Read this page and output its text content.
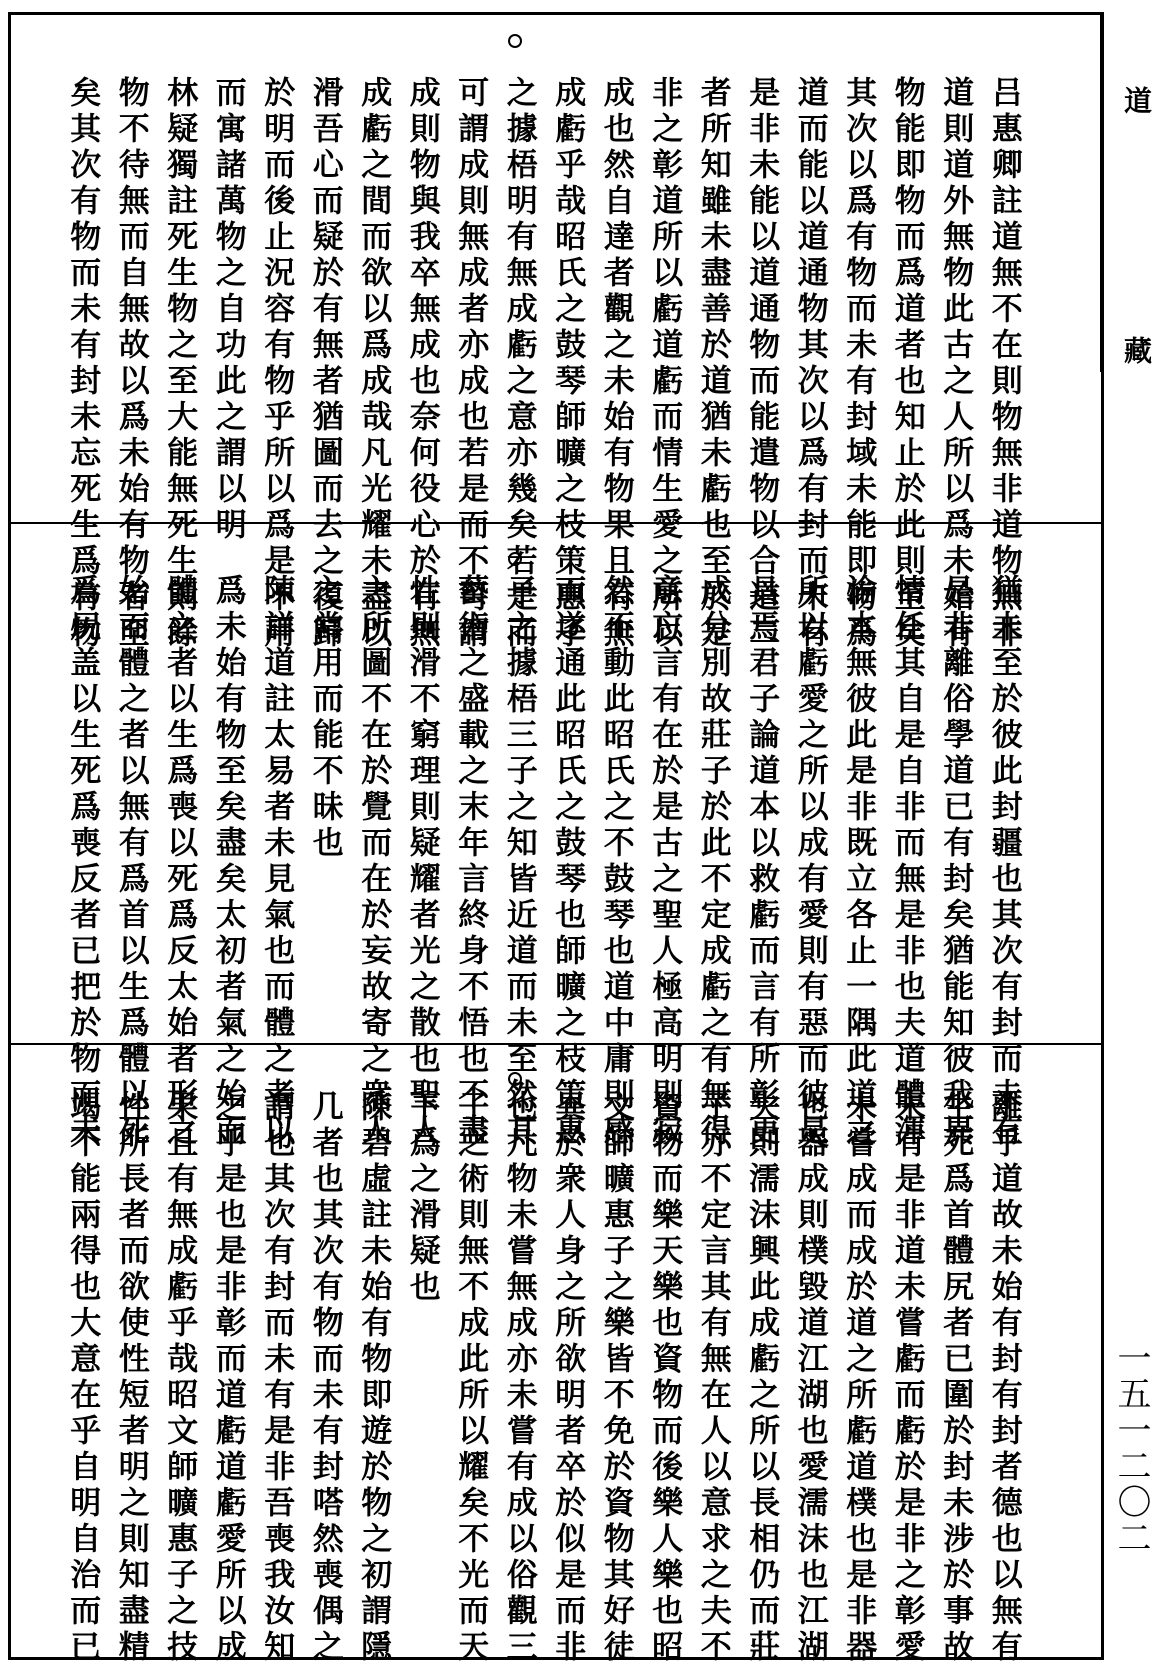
吕惠卿註道無不在則物無非道物無非
道則道外無物此古之人所以爲未始有
物能即物而爲道者也知止於此則至矣
其次以爲有物而未有封域未能即物爲
道而能以道通物其次以爲有封而未有
是非未能以道通物而能遣物以合道二
者所知雖未盡善於道猶未虧也至於是
非之彰道所以虧道虧而情生愛之所以
成也然自達者觀之未始有物果且有無
成虧乎哉昭氏之鼓琴師曠之枝策惠子
之據梧明有無成虧之意亦幾矣若是而
可謂成則無成者亦成也若是而不可謂
成則物與我卒無成也奈何役心於有無
成虧之間而欲以爲成哉凡光耀未盡以
滑吾心而疑於有無者猶圖而去之復歸
於明而後止況容有物乎所以爲是不用
而寓諸萬物之自功此之謂以明
林疑獨註死生物之至大能無死生則餘
物不待無而自無故以爲未始有物者至
矣其次有物而未有封未忘死生爲有物
猶未至於彼此封疆也其次有封而未有
是非離俗學道已有封矣猶能知彼我異
情任其自是自非而無是非也夫道體渾
淪本無彼此是非既立各止一隅此道之
所以虧愛之所以成有愛則有惡而彼是
具焉君子論道本以救虧而言有所彰更
成分別故莊子於此不定成虧之有無得
意忘言有在於是古之聖人極高明則寂
然不動此昭氏之不鼓琴也道中庸則感
而遂通此昭氏之鼓琴也師曠之枝策惠
子之據梧三子之知皆近道而未至然其
藝術之盛載之末年言終身不悟也不盡
性則滑不窮理則疑耀者光之散也聖人
之所圖不在於覺而在於妄故寄之衆人
之常用而能不昧也
陳詳道註太易者未見氣也而體之者以
爲未始有物至矣盡矣太初者氣之始而
體之者以生爲喪以死爲反太始者形之
始而體之者以無有爲首以生爲體以死
爲尻盖以生死爲喪反者已把於物而未
離乎道故未始有封有封者德也以無有
生死爲首體尻者已圍於封未涉於事故
未有是非道未嘗虧而虧於是非之彰愛
未嘗成而成於道之所虧道樸也是非器
也器成則樸毀道江湖也愛濡沫也江湖
失則濡沫興此成虧之所以長相仍而莊
子亦不定言其有無在人以意求之夫不
資物而樂天樂也資物而後樂人樂也昭
文師曠惠子之樂皆不免於資物其好徒
異於衆人身之所欲明者卒於似是而非
也凡物未嘗無成亦未嘗有成以俗觀三
子之術則無不成此所以耀矣不光而天
下爲之滑疑也
陳碧虛註未始有物即遊於物之初謂隱
几者也其次有物而未有封嗒然喪偶之
謂也其次有封而未有是非吾喪我汝知
之乎是也是非彰而道虧道虧愛所以成
果且有無成虧乎哉昭文師曠惠子之技
性所長者而欲使性短者明之則知盡精
竭不能兩得也大意在乎自明自治而已
道
藏
一五一二〇二
